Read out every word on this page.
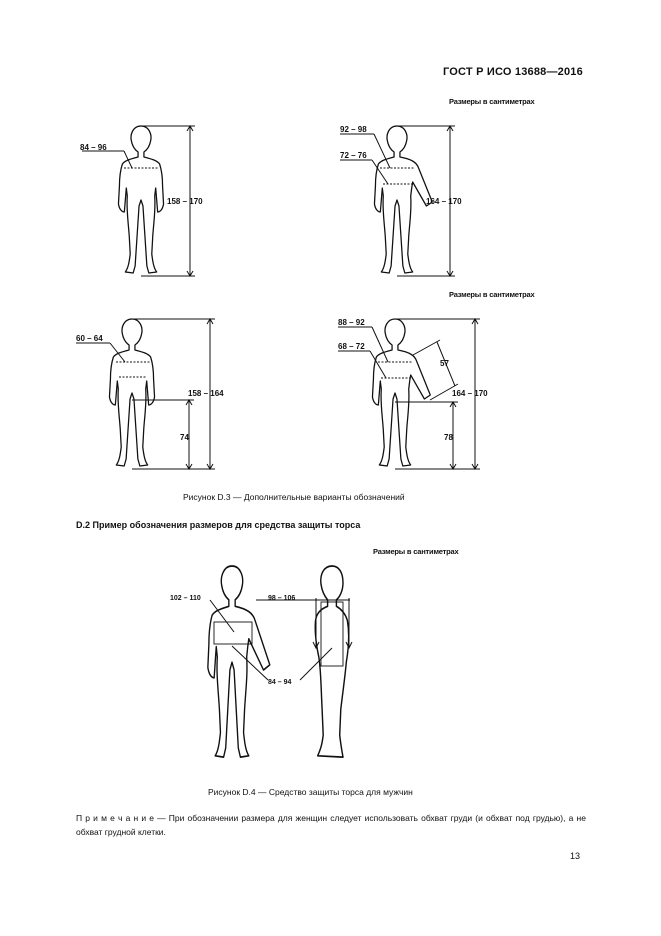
ГОСТ Р ИСО 13688—2016
Размеры в сантиметрах
Размеры в сантиметрах
Размеры в сантиметрах
84 – 96
158 – 170
92 – 98
72 – 76
164 – 170
60 – 64
158 – 164
74
88 – 92
68 – 72
57
164 – 170
78
102 – 110	98 – 106
84 – 94
Рисунок D.3 — Дополнительные варианты обозначений
D.2 Пример обозначения размеров для средства защиты торса
Рисунок D.4 — Средство защиты торса для мужчин
П р и м е ч а н и е — При обозначении размера для женщин следует использовать обхват груди (и обхват под грудью), а не обхват грудной клетки.
13
